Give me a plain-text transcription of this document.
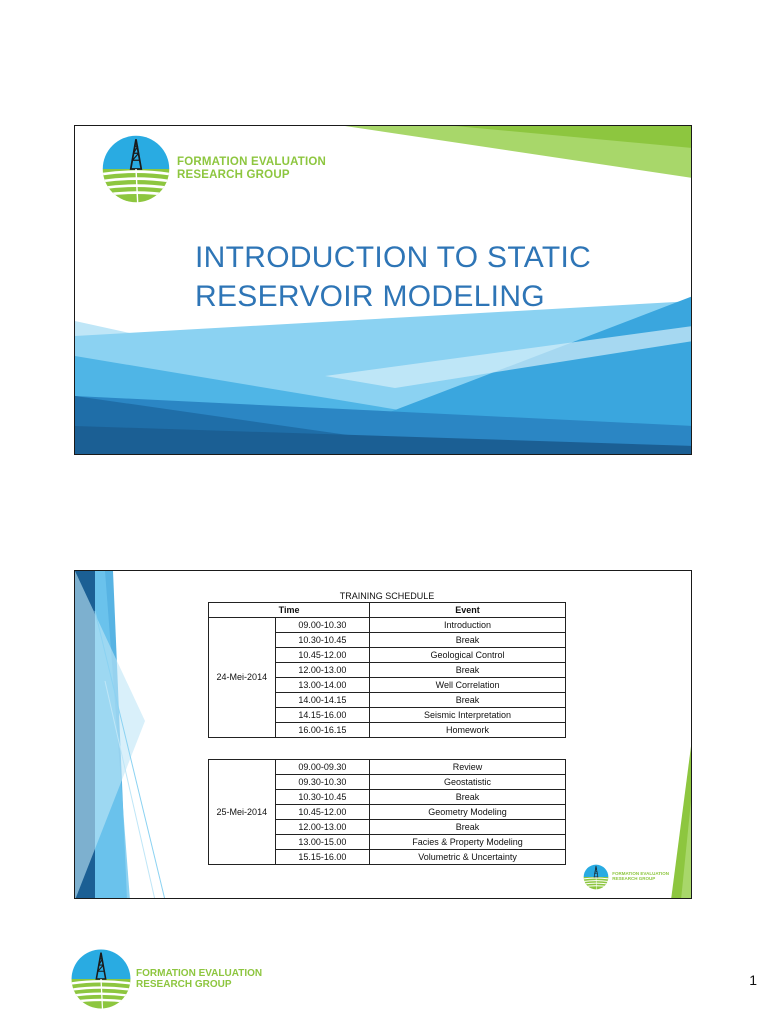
FORMATION EVALUATION
RESEARCH GROUP
INTRODUCTION TO STATIC
RESERVOIR MODELING
TRAINING SCHEDULE
Time		Event
24-Mei-2014	09.00-10.30	Introduction
	10.30-10.45	Break
	10.45-12.00	Geological Control
	12.00-13.00	Break
	13.00-14.00	Well Correlation
	14.00-14.15	Break
	14.15-16.00	Seismic Interpretation
	16.00-16.15	Homework
25-Mei-2014	09.00-09.30	Review
	09.30-10.30	Geostatistic
	10.30-10.45	Break
	10.45-12.00	Geometry Modeling
	12.00-13.00	Break
	13.00-15.00	Facies & Property Modeling
	15.15-16.00	Volumetric & Uncertainty
FORMATION EVALUATION
RESEARCH GROUP
FORMATION EVALUATION
RESEARCH GROUP	1
